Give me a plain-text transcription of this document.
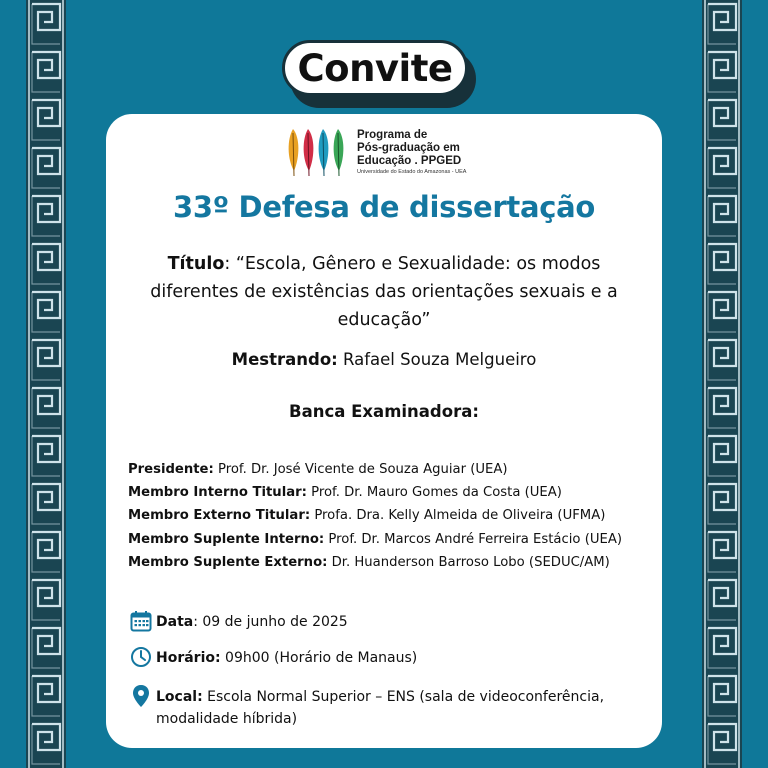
Convite
Programa de
Pós-graduação em
Educação . PPGED
Universidade do Estado do Amazonas - UEA
33º Defesa de dissertação
Título: “Escola, Gênero e Sexualidade: os modos
diferentes de existências das orientações sexuais e a
educação”
Mestrando: Rafael Souza Melgueiro
Banca Examinadora:
Presidente: Prof. Dr. José Vicente de Souza Aguiar (UEA)
Membro Interno Titular: Prof. Dr. Mauro Gomes da Costa (UEA)
Membro Externo Titular: Profa. Dra. Kelly Almeida de Oliveira (UFMA)
Membro Suplente Interno: Prof. Dr. Marcos André Ferreira Estácio (UEA)
Membro Suplente Externo: Dr. Huanderson Barroso Lobo (SEDUC/AM)
Data: 09 de junho de 2025
Horário: 09h00 (Horário de Manaus)
Local: Escola Normal Superior – ENS (sala de videoconferência,
modalidade híbrida)
